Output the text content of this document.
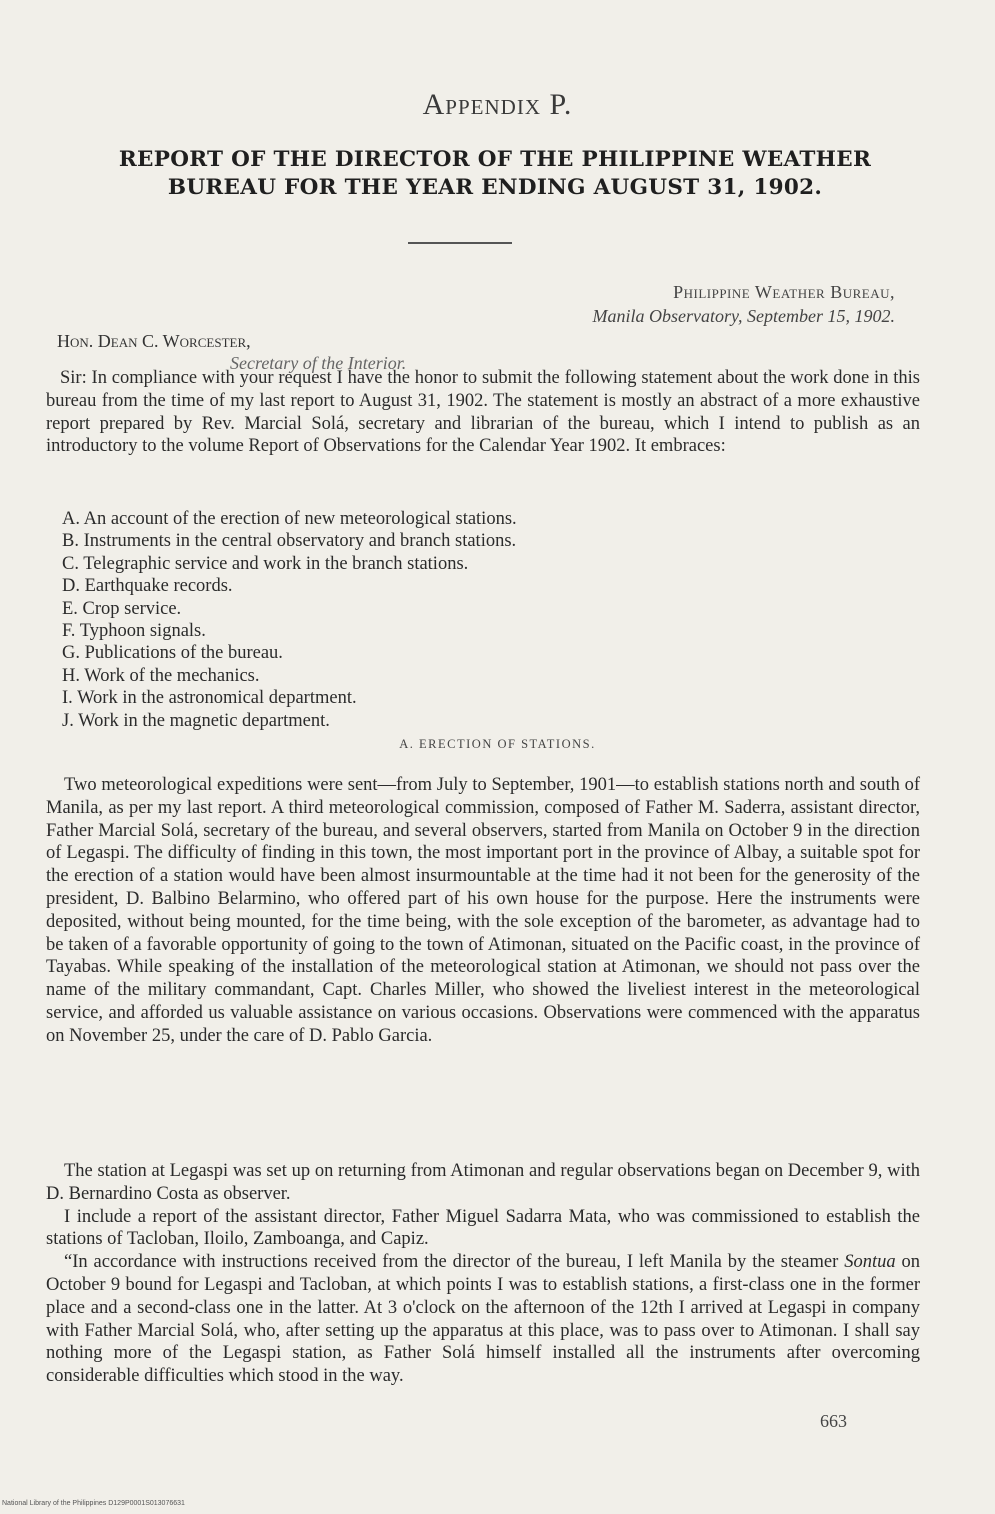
Appendix P.
REPORT OF THE DIRECTOR OF THE PHILIPPINE WEATHER
BUREAU FOR THE YEAR ENDING AUGUST 31, 1902.
Philippine Weather Bureau,
Manila Observatory, September 15, 1902.
Hon. Dean C. Worcester,
Secretary of the Interior.
Sir: In compliance with your request I have the honor to submit the following statement about the work done in this bureau from the time of my last report to August 31, 1902. The statement is mostly an abstract of a more exhaustive report prepared by Rev. Marcial Solá, secretary and librarian of the bureau, which I intend to publish as an introductory to the volume Report of Observations for the Calendar Year 1902. It embraces:
A. An account of the erection of new meteorological stations.
B. Instruments in the central observatory and branch stations.
C. Telegraphic service and work in the branch stations.
D. Earthquake records.
E. Crop service.
F. Typhoon signals.
G. Publications of the bureau.
H. Work of the mechanics.
I. Work in the astronomical department.
J. Work in the magnetic department.
A. ERECTION OF STATIONS.
Two meteorological expeditions were sent—from July to September, 1901—to establish stations north and south of Manila, as per my last report. A third meteorological commission, composed of Father M. Saderra, assistant director, Father Marcial Solá, secretary of the bureau, and several observers, started from Manila on October 9 in the direction of Legaspi. The difficulty of finding in this town, the most important port in the province of Albay, a suitable spot for the erection of a station would have been almost insurmountable at the time had it not been for the generosity of the president, D. Balbino Belarmino, who offered part of his own house for the purpose. Here the instruments were deposited, without being mounted, for the time being, with the sole exception of the barometer, as advantage had to be taken of a favorable opportunity of going to the town of Atimonan, situated on the Pacific coast, in the province of Tayabas. While speaking of the installation of the meteorological station at Atimonan, we should not pass over the name of the military commandant, Capt. Charles Miller, who showed the liveliest interest in the meteorological service, and afforded us valuable assistance on various occasions. Observations were commenced with the apparatus on November 25, under the care of D. Pablo Garcia.

The station at Legaspi was set up on returning from Atimonan and regular observations began on December 9, with D. Bernardino Costa as observer.

I include a report of the assistant director, Father Miguel Sadarra Mata, who was commissioned to establish the stations of Tacloban, Iloilo, Zamboanga, and Capiz.

“In accordance with instructions received from the director of the bureau, I left Manila by the steamer Sontua on October 9 bound for Legaspi and Tacloban, at which points I was to establish stations, a first-class one in the former place and a second-class one in the latter. At 3 o'clock on the afternoon of the 12th I arrived at Legaspi in company with Father Marcial Solá, who, after setting up the apparatus at this place, was to pass over to Atimonan. I shall say nothing more of the Legaspi station, as Father Solá himself installed all the instruments after overcoming considerable difficulties which stood in the way.

663
National Library of the Philippines D129P0001S013076631
